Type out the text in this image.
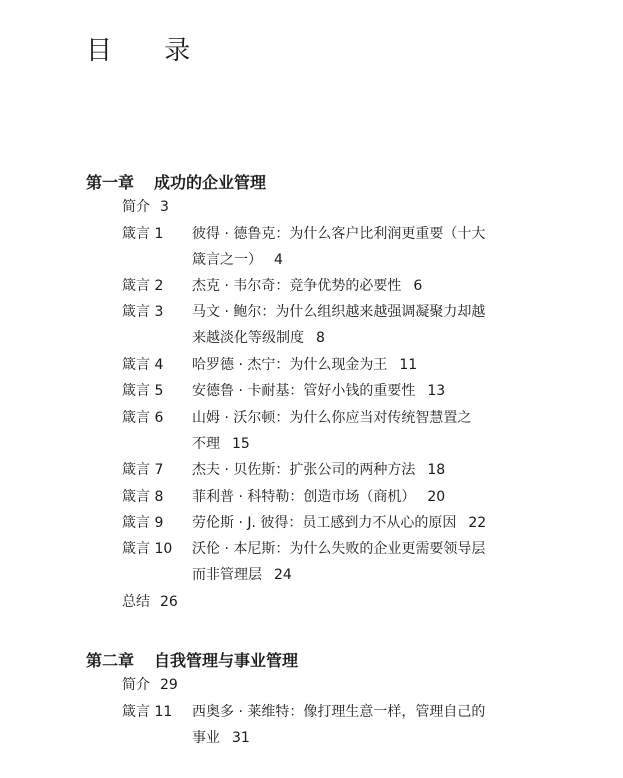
目 录
第一章 成功的企业管理
简介 3
箴言 1 彼得 · 德鲁克：为什么客户比利润更重要（十大
箴言之一） 4
箴言 2 杰克 · 韦尔奇：竞争优势的必要性 6
箴言 3 马文 · 鲍尔：为什么组织越来越强调凝聚力却越
来越淡化等级制度 8
箴言 4 哈罗德 · 杰宁：为什么现金为王 11
箴言 5 安德鲁 · 卡耐基：管好小钱的重要性 13
箴言 6 山姆 · 沃尔顿：为什么你应当对传统智慧置之
不理 15
箴言 7 杰夫 · 贝佐斯：扩张公司的两种方法 18
箴言 8 菲利普 · 科特勒：创造市场（商机） 20
箴言 9 劳伦斯 · J. 彼得：员工感到力不从心的原因 22
箴言 10 沃伦 · 本尼斯：为什么失败的企业更需要领导层
而非管理层 24
总结 26
第二章 自我管理与事业管理
简介 29
箴言 11 西奥多 · 莱维特：像打理生意一样，管理自己的
事业 31
